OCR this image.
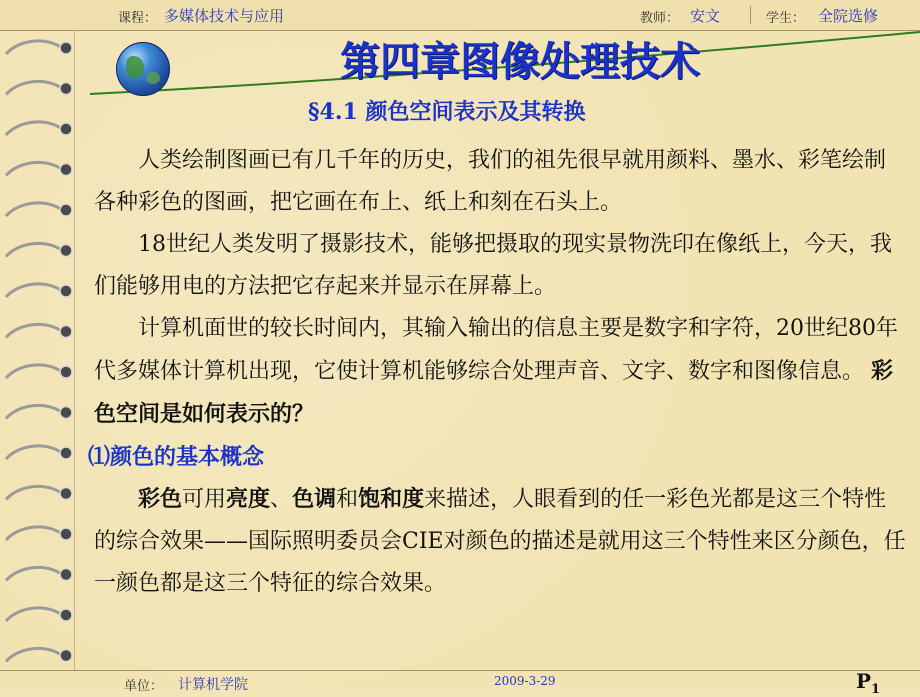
课程： 多媒体技术与应用	教师： 安文	学生： 全院选修
第四章图像处理技术
§4.1 颜色空间表示及其转换

人类绘制图画已有几千年的历史，我们的祖先很早就用颜料、墨水、彩笔绘制各种彩色的图画，把它画在布上、纸上和刻在石头上。

18世纪人类发明了摄影技术，能够把摄取的现实景物洗印在像纸上，今天，我们能够用电的方法把它存起来并显示在屏幕上。

计算机面世的较长时间内，其输入输出的信息主要是数字和字符，20世纪80年代多媒体计算机出现，它使计算机能够综合处理声音、文字、数字和图像信息。 彩色空间是如何表示的？

⑴颜色的基本概念

彩色可用亮度、色调和饱和度来描述，人眼看到的任一彩色光都是这三个特性的综合效果——国际照明委员会CIE对颜色的描述是就用这三个特性来区分颜色，任一颜色都是这三个特征的综合效果。

单位： 计算机学院	2009-3-29	$P_1$
